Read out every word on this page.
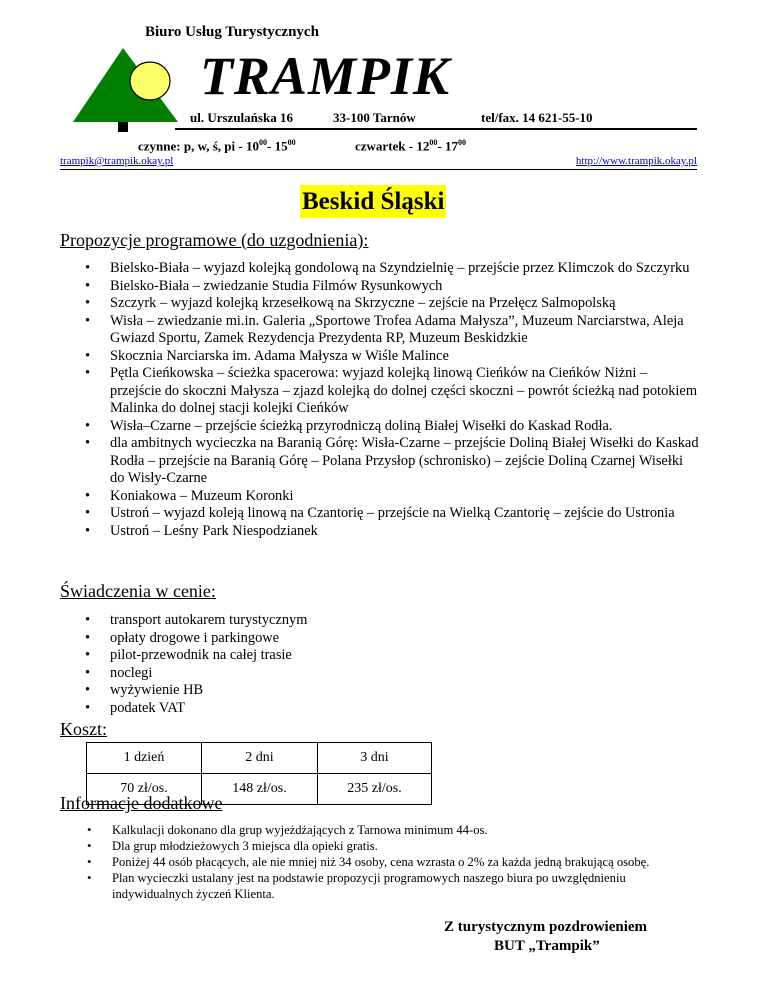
Biuro Usług Turystycznych
TRAMPIK
ul. Urszulańska 16	33-100 Tarnów	tel/fax. 14 621-55-10
czynne: p, w, ś, pi - $10^{00}-$ $15^{00}$	czwartek - $12^{00}-$ $17^{00}$
trampik@trampik.okay.pl	http://www.trampik.okay.pl
Beskid Śląski
Propozycje programowe (do uzgodnienia):
• Bielsko-Biała – wyjazd kolejką gondolową na Szyndzielnię – przejście przez Klimczok do Szczyrku
• Bielsko-Biała – zwiedzanie Studia Filmów Rysunkowych
• Szczyrk – wyjazd kolejką krzesełkową na Skrzyczne – zejście na Przełęcz Salmopolską
• Wisła – zwiedzanie mi.in. Galeria „Sportowe Trofea Adama Małysza”, Muzeum Narciarstwa, Aleja Gwiazd Sportu, Zamek Rezydencja Prezydenta RP, Muzeum Beskidzkie
• Skocznia Narciarska im. Adama Małysza w Wiśle Malince
• Pętla Cieńkowska – ścieżka spacerowa: wyjazd kolejką linową Cieńków na Cieńków Niżni – przejście do skoczni Małysza – zjazd kolejką do dolnej części skoczni – powrót ścieżką nad potokiem Malinka do dolnej stacji kolejki Cieńków
• Wisła–Czarne – przejście ścieżką przyrodniczą doliną Białej Wisełki do Kaskad Rodła.
• dla ambitnych wycieczka na Baranią Górę: Wisła-Czarne – przejście Doliną Białej Wisełki do Kaskad Rodła – przejście na Baranią Górę – Polana Przysłop (schronisko) – zejście Doliną Czarnej Wisełki do Wisły-Czarne
• Koniakowa – Muzeum Koronki
• Ustroń – wyjazd koleją linową na Czantorię – przejście na Wielką Czantorię – zejście do Ustronia
• Ustroń – Leśny Park Niespodzianek
Świadczenia w cenie:
• transport autokarem turystycznym
• opłaty drogowe i parkingowe
• pilot-przewodnik na całej trasie
• noclegi
• wyżywienie HB
• podatek VAT
Koszt:
1 dzień	2 dni	3 dni
70 zł/os.	148 zł/os.	235 zł/os.
Informacje dodatkowe
• Kalkulacji dokonano dla grup wyjeżdżających z Tarnowa minimum 44-os.
• Dla grup młodzieżowych 3 miejsca dla opieki gratis.
• Poniżej 44 osób płacących, ale nie mniej niż 34 osoby, cena wzrasta o 2% za każda jedną brakującą osobę.
• Plan wycieczki ustalany jest na podstawie propozycji programowych naszego biura po uwzględnieniu indywidualnych życzeń Klienta.
Z turystycznym pozdrowieniem
BUT „Trampik”
